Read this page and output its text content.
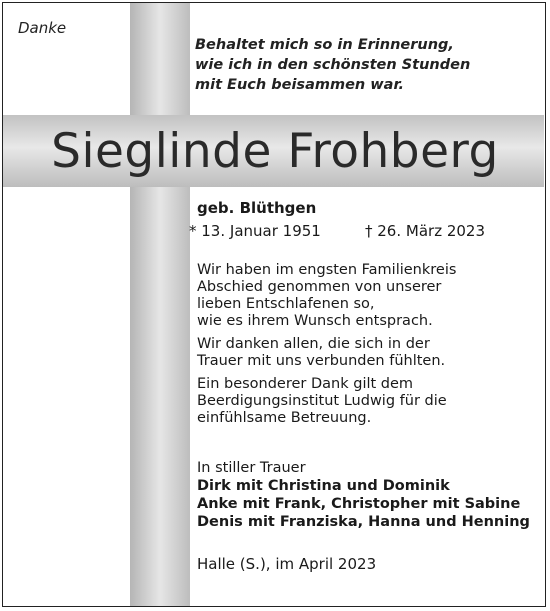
Danke
Behaltet mich so in Erinnerung,
wie ich in den schönsten Stunden
mit Euch beisammen war.
Sieglinde Frohberg
geb. Blüthgen
* 13. Januar 1951	† 26. März 2023
Wir haben im engsten Familienkreis
Abschied genommen von unserer
lieben Entschlafenen so,
wie es ihrem Wunsch entsprach.
Wir danken allen, die sich in der
Trauer mit uns verbunden fühlten.
Ein besonderer Dank gilt dem
Beerdigungsinstitut Ludwig für die
einfühlsame Betreuung.
In stiller Trauer
Dirk mit Christina und Dominik
Anke mit Frank, Christopher mit Sabine
Denis mit Franziska, Hanna und Henning
Halle (S.), im April 2023
